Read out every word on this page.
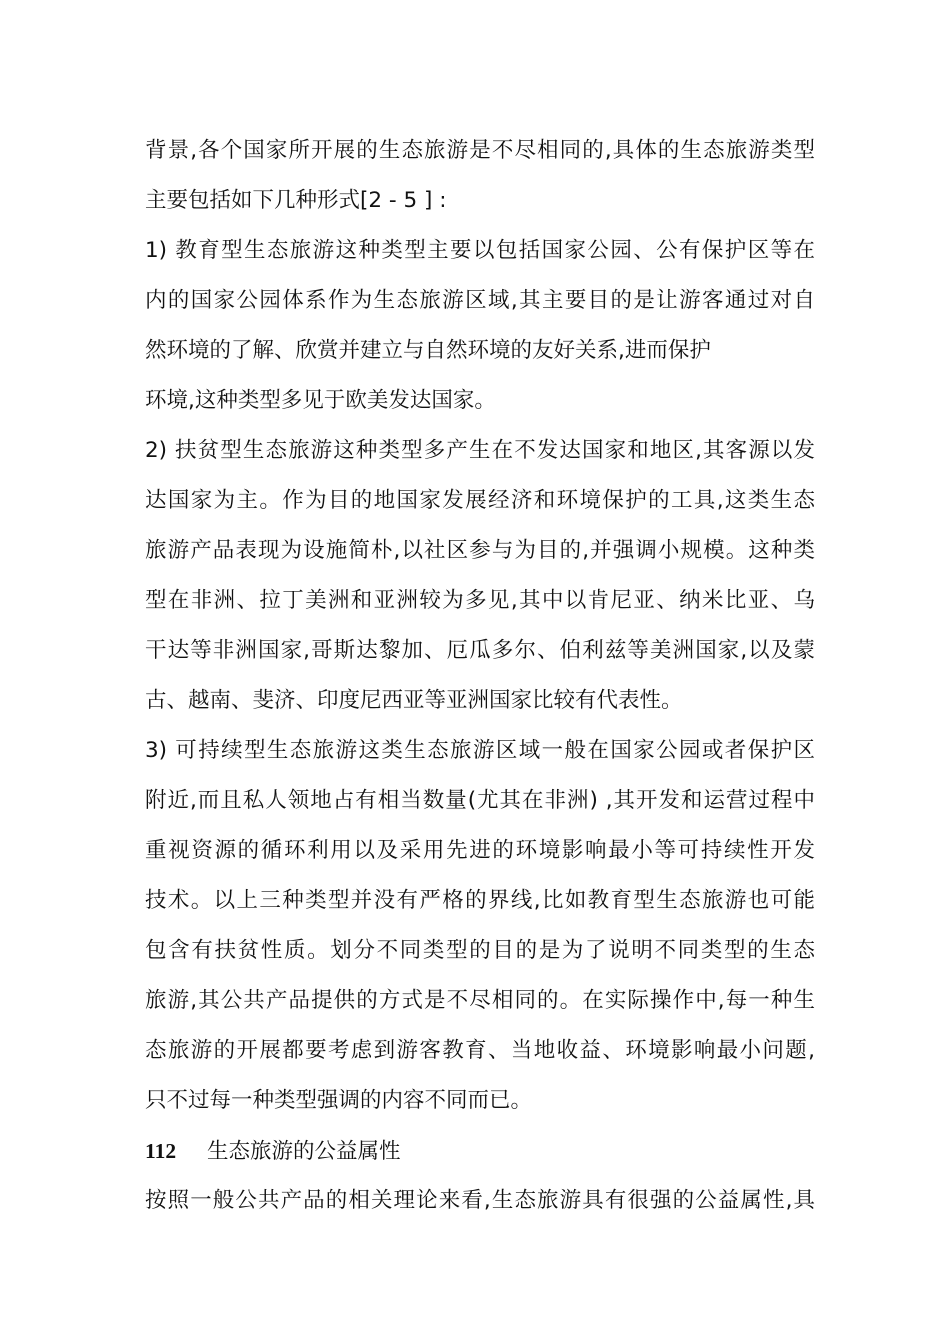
背景,各个国家所开展的生态旅游是不尽相同的,具体的生态旅游类型
主要包括如下几种形式[2 - 5 ] :
1) 教育型生态旅游这种类型主要以包括国家公园、公有保护区等在
内的国家公园体系作为生态旅游区域,其主要目的是让游客通过对自
然环境的了解、欣赏并建立与自然环境的友好关系,进而保护
环境,这种类型多见于欧美发达国家。
2) 扶贫型生态旅游这种类型多产生在不发达国家和地区,其客源以发
达国家为主。作为目的地国家发展经济和环境保护的工具,这类生态
旅游产品表现为设施简朴,以社区参与为目的,并强调小规模。这种类
型在非洲、拉丁美洲和亚洲较为多见,其中以肯尼亚、纳米比亚、乌
干达等非洲国家,哥斯达黎加、厄瓜多尔、伯利兹等美洲国家,以及蒙
古、越南、斐济、印度尼西亚等亚洲国家比较有代表性。
3) 可持续型生态旅游这类生态旅游区域一般在国家公园或者保护区
附近,而且私人领地占有相当数量(尤其在非洲) ,其开发和运营过程中
重视资源的循环利用以及采用先进的环境影响最小等可持续性开发
技术。以上三种类型并没有严格的界线,比如教育型生态旅游也可能
包含有扶贫性质。划分不同类型的目的是为了说明不同类型的生态
旅游,其公共产品提供的方式是不尽相同的。在实际操作中,每一种生
态旅游的开展都要考虑到游客教育、当地收益、环境影响最小问题,
只不过每一种类型强调的内容不同而已。
112 生态旅游的公益属性
按照一般公共产品的相关理论来看,生态旅游具有很强的公益属性,具
